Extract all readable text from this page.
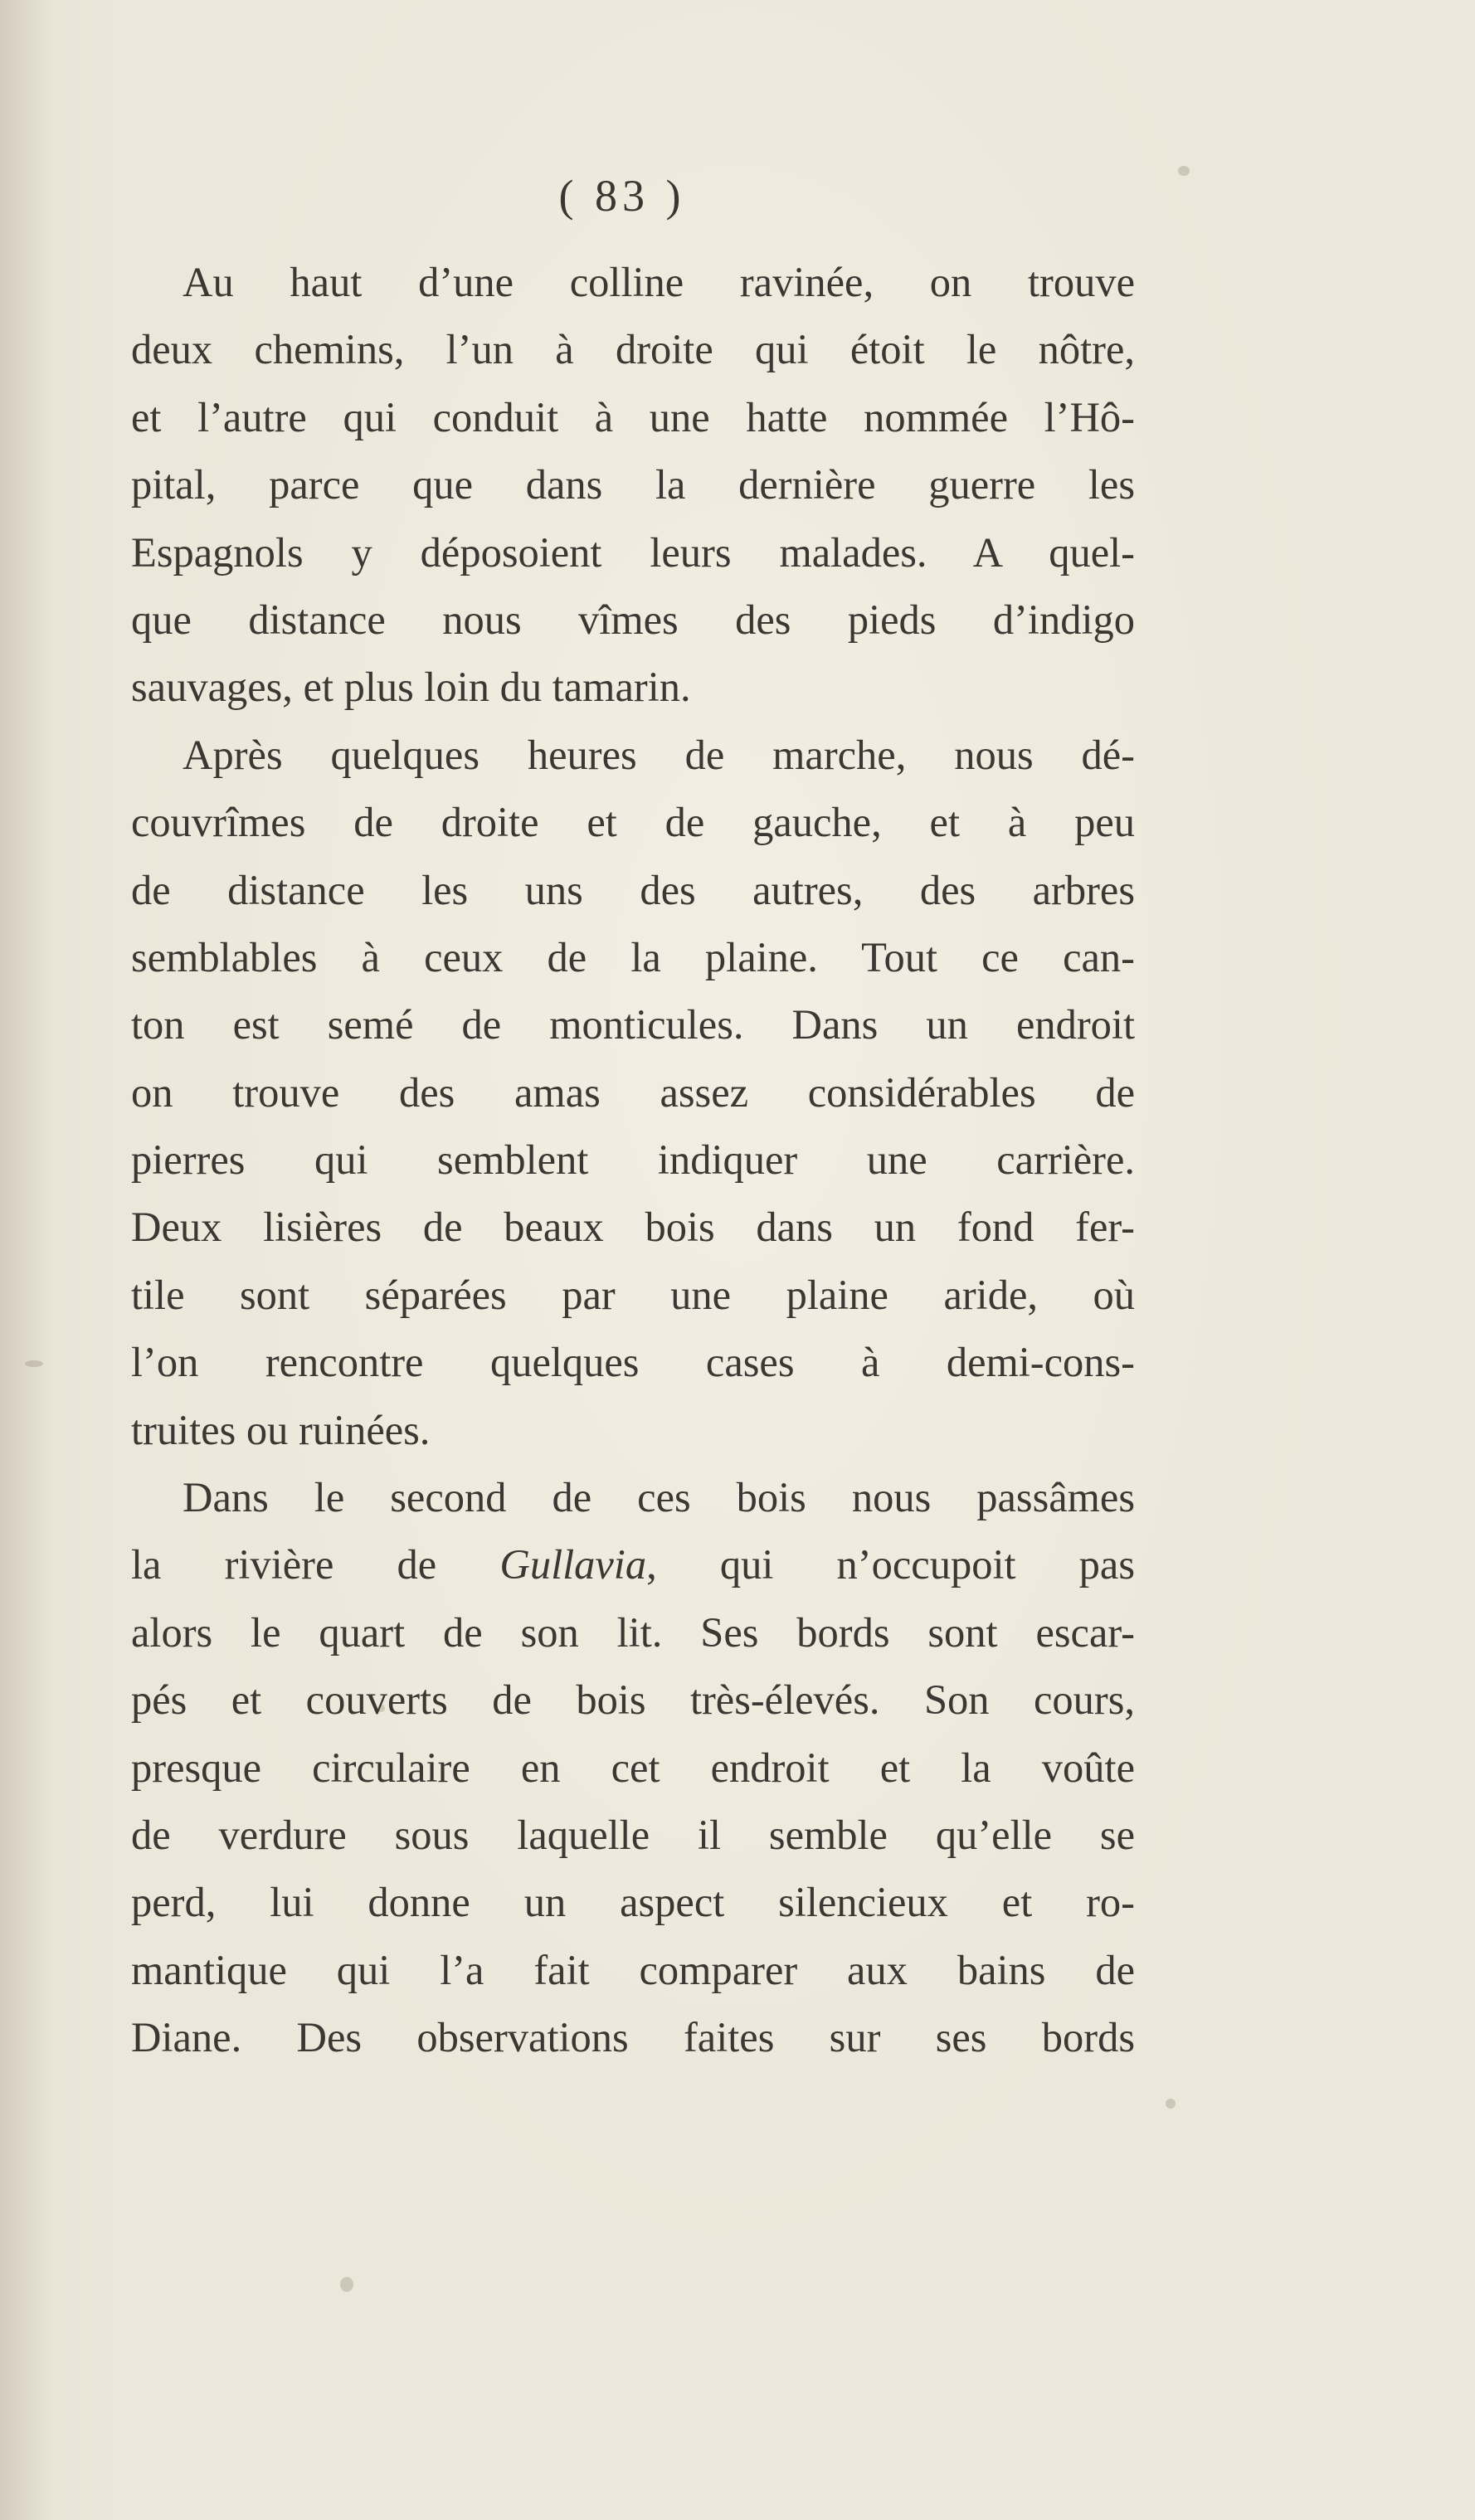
( 83 )
Au haut d’une colline ravinée, on trouve
deux chemins, l’un à droite qui étoit le nôtre,
et l’autre qui conduit à une hatte nommée l’Hô-
pital, parce que dans la dernière guerre les
Espagnols y déposoient leurs malades. A quel-
que distance nous vîmes des pieds d’indigo
sauvages, et plus loin du tamarin.
Après quelques heures de marche, nous dé-
couvrîmes de droite et de gauche, et à peu
de distance les uns des autres, des arbres
semblables à ceux de la plaine. Tout ce can-
ton est semé de monticules. Dans un endroit
on trouve des amas assez considérables de
pierres qui semblent indiquer une carrière.
Deux lisières de beaux bois dans un fond fer-
tile sont séparées par une plaine aride, où
l’on rencontre quelques cases à demi-cons-
truites ou ruinées.
Dans le second de ces bois nous passâmes
la rivière de Gullavia, qui n’occupoit pas
alors le quart de son lit. Ses bords sont escar-
pés et couverts de bois très-élevés. Son cours,
presque circulaire en cet endroit et la voûte
de verdure sous laquelle il semble qu’elle se
perd, lui donne un aspect silencieux et ro-
mantique qui l’a fait comparer aux bains de
Diane. Des observations faites sur ses bords
